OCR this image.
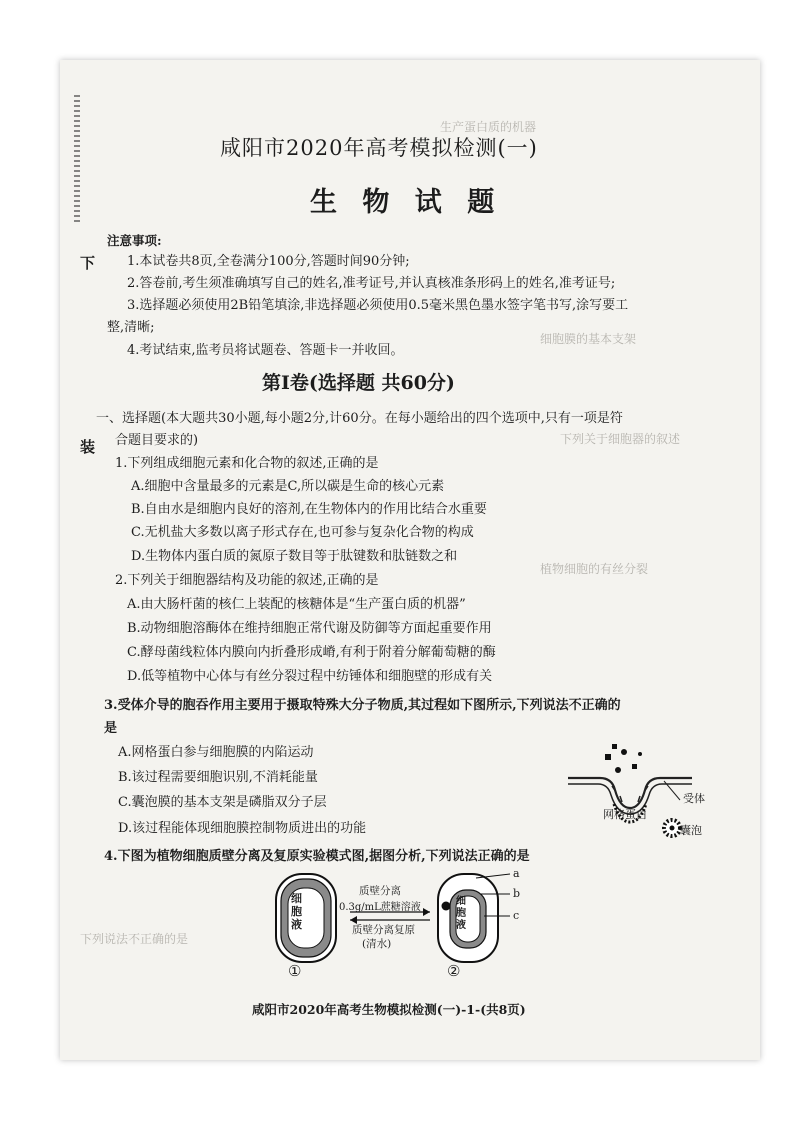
生产蛋白质的机器
细胞膜的基本支架
下列关于细胞器的叙述
植物细胞的有丝分裂
下列说法不正确的是
下
装
咸阳市2020年高考模拟检测(一)
生 物 试 题
注意事项:
1.本试卷共8页,全卷满分100分,答题时间90分钟;
2.答卷前,考生须准确填写自己的姓名,准考证号,并认真核准条形码上的姓名,准考证号;
3.选择题必须使用2B铅笔填涂,非选择题必须使用0.5毫米黑色墨水签字笔书写,涂写要工
整,清晰;
4.考试结束,监考员将试题卷、答题卡一并收回。
第Ⅰ卷(选择题 共60分)
一、选择题(本大题共30小题,每小题2分,计60分。在每小题给出的四个选项中,只有一项是符
合题目要求的)
1.下列组成细胞元素和化合物的叙述,正确的是
A.细胞中含量最多的元素是C,所以碳是生命的核心元素
B.自由水是细胞内良好的溶剂,在生物体内的作用比结合水重要
C.无机盐大多数以离子形式存在,也可参与复杂化合物的构成
D.生物体内蛋白质的氮原子数目等于肽键数和肽链数之和
2.下列关于细胞器结构及功能的叙述,正确的是
A.由大肠杆菌的核仁上装配的核糖体是“生产蛋白质的机器”
B.动物细胞溶酶体在维持细胞正常代谢及防御等方面起重要作用
C.酵母菌线粒体内膜向内折叠形成嵴,有利于附着分解葡萄糖的酶
D.低等植物中心体与有丝分裂过程中纺锤体和细胞壁的形成有关
3.受体介导的胞吞作用主要用于摄取特殊大分子物质,其过程如下图所示,下列说法不正确的
是
A.网格蛋白参与细胞膜的内陷运动
B.该过程需要细胞识别,不消耗能量
C.囊泡膜的基本支架是磷脂双分子层
D.该过程能体现细胞膜控制物质进出的功能
受体
网格蛋白
囊泡
4.下图为植物细胞质壁分离及复原实验模式图,据图分析,下列说法正确的是
细胞液
细胞液
质壁分离
0.3g/mL蔗糖溶液
质壁分离复原
(清水)
①	②
a
b
c
咸阳市2020年高考生物模拟检测(一)-1-(共8页)
